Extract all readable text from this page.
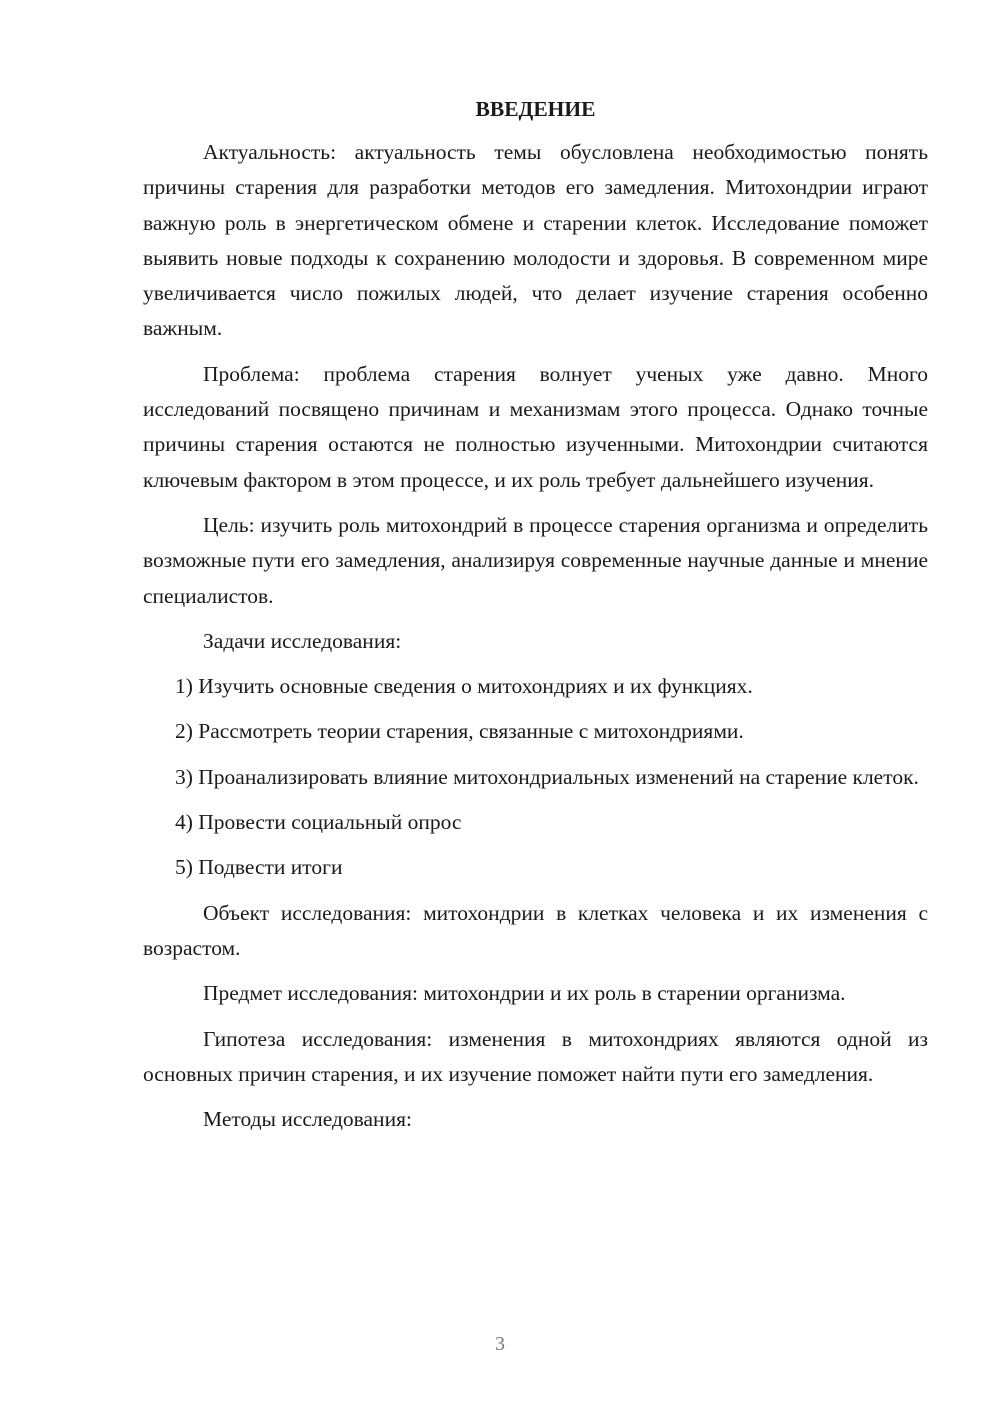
ВВЕДЕНИЕ

Актуальность: актуальность темы обусловлена необходимостью понять причины старения для разработки методов его замедления. Митохондрии играют важную роль в энергетическом обмене и старении клеток. Исследование поможет выявить новые подходы к сохранению молодости и здоровья. В современном мире увеличивается число пожилых людей, что делает изучение старения особенно важным.

Проблема: проблема старения волнует ученых уже давно. Много исследований посвящено причинам и механизмам этого процесса. Однако точные причины старения остаются не полностью изученными. Митохондрии считаются ключевым фактором в этом процессе, и их роль требует дальнейшего изучения.

Цель: изучить роль митохондрий в процессе старения организма и определить возможные пути его замедления, анализируя современные научные данные и мнение специалистов.

Задачи исследования:

1) Изучить основные сведения о митохондриях и их функциях.

2) Рассмотреть теории старения, связанные с митохондриями.

3) Проанализировать влияние митохондриальных изменений на старение клеток.

4) Провести социальный опрос

5) Подвести итоги

Объект исследования: митохондрии в клетках человека и их изменения с возрастом.

Предмет исследования: митохондрии и их роль в старении организма.

Гипотеза исследования: изменения в митохондриях являются одной из основных причин старения, и их изучение поможет найти пути его замедления.

Методы исследования:

3
